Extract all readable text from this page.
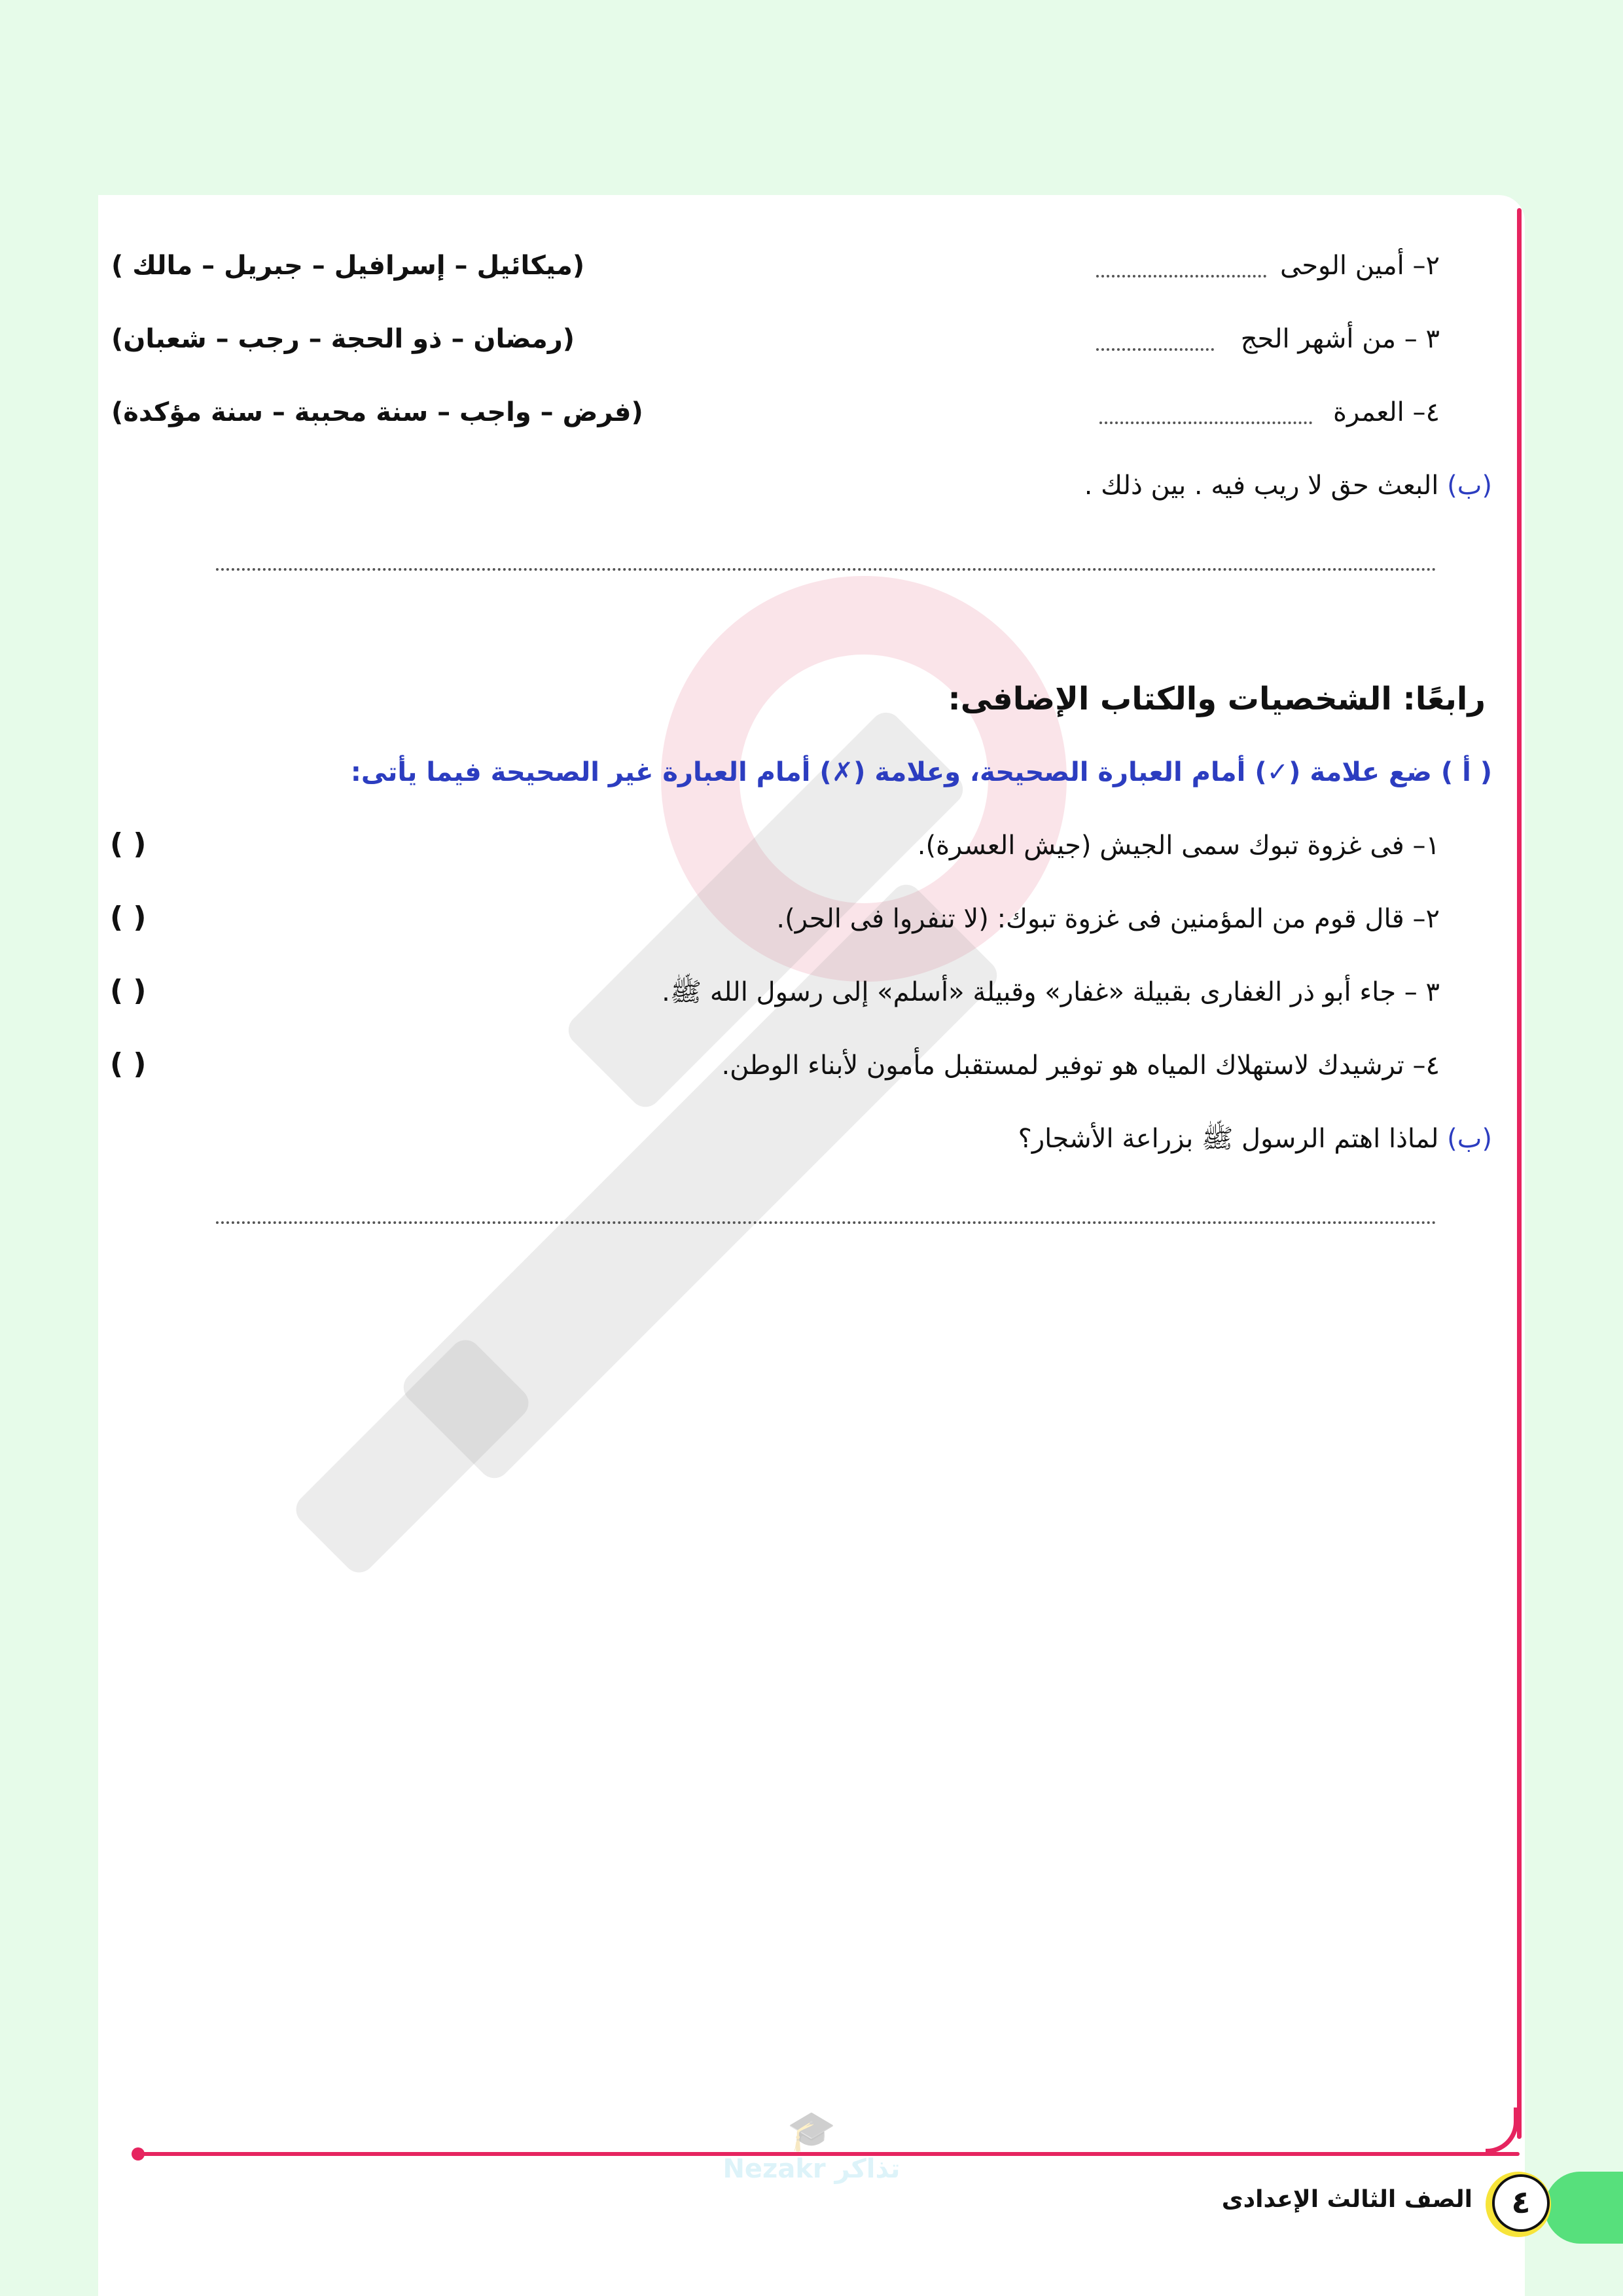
٢– أمين الوحى
(ميكائيل – إسرافيل – جبريل – مالك )
٣ – من أشهر الحج
(رمضان – ذو الحجة – رجب – شعبان)
٤– العمرة
(فرض – واجب – سنة محببة – سنة مؤكدة)
(ب) البعث حق لا ريب فيه . بين ذلك .
رابعًا: الشخصيات والكتاب الإضافى:
( أ ) ضع علامة (✓) أمام العبارة الصحيحة، وعلامة (✗) أمام العبارة غير الصحيحة فيما يأتى:
١– فى غزوة تبوك سمى الجيش (جيش العسرة).
( )
٢– قال قوم من المؤمنين فى غزوة تبوك: (لا تنفروا فى الحر).
( )
٣ – جاء أبو ذر الغفارى بقبيلة «غفار» وقبيلة «أسلم» إلى رسول الله ﷺ.
( )
٤– ترشيدك لاستهلاك المياه هو توفير لمستقبل مأمون لأبناء الوطن.
( )
(ب) لماذا اهتم الرسول ﷺ بزراعة الأشجار؟
🎓
تذاكر Nezakr
٤
الصف الثالث الإعدادى
